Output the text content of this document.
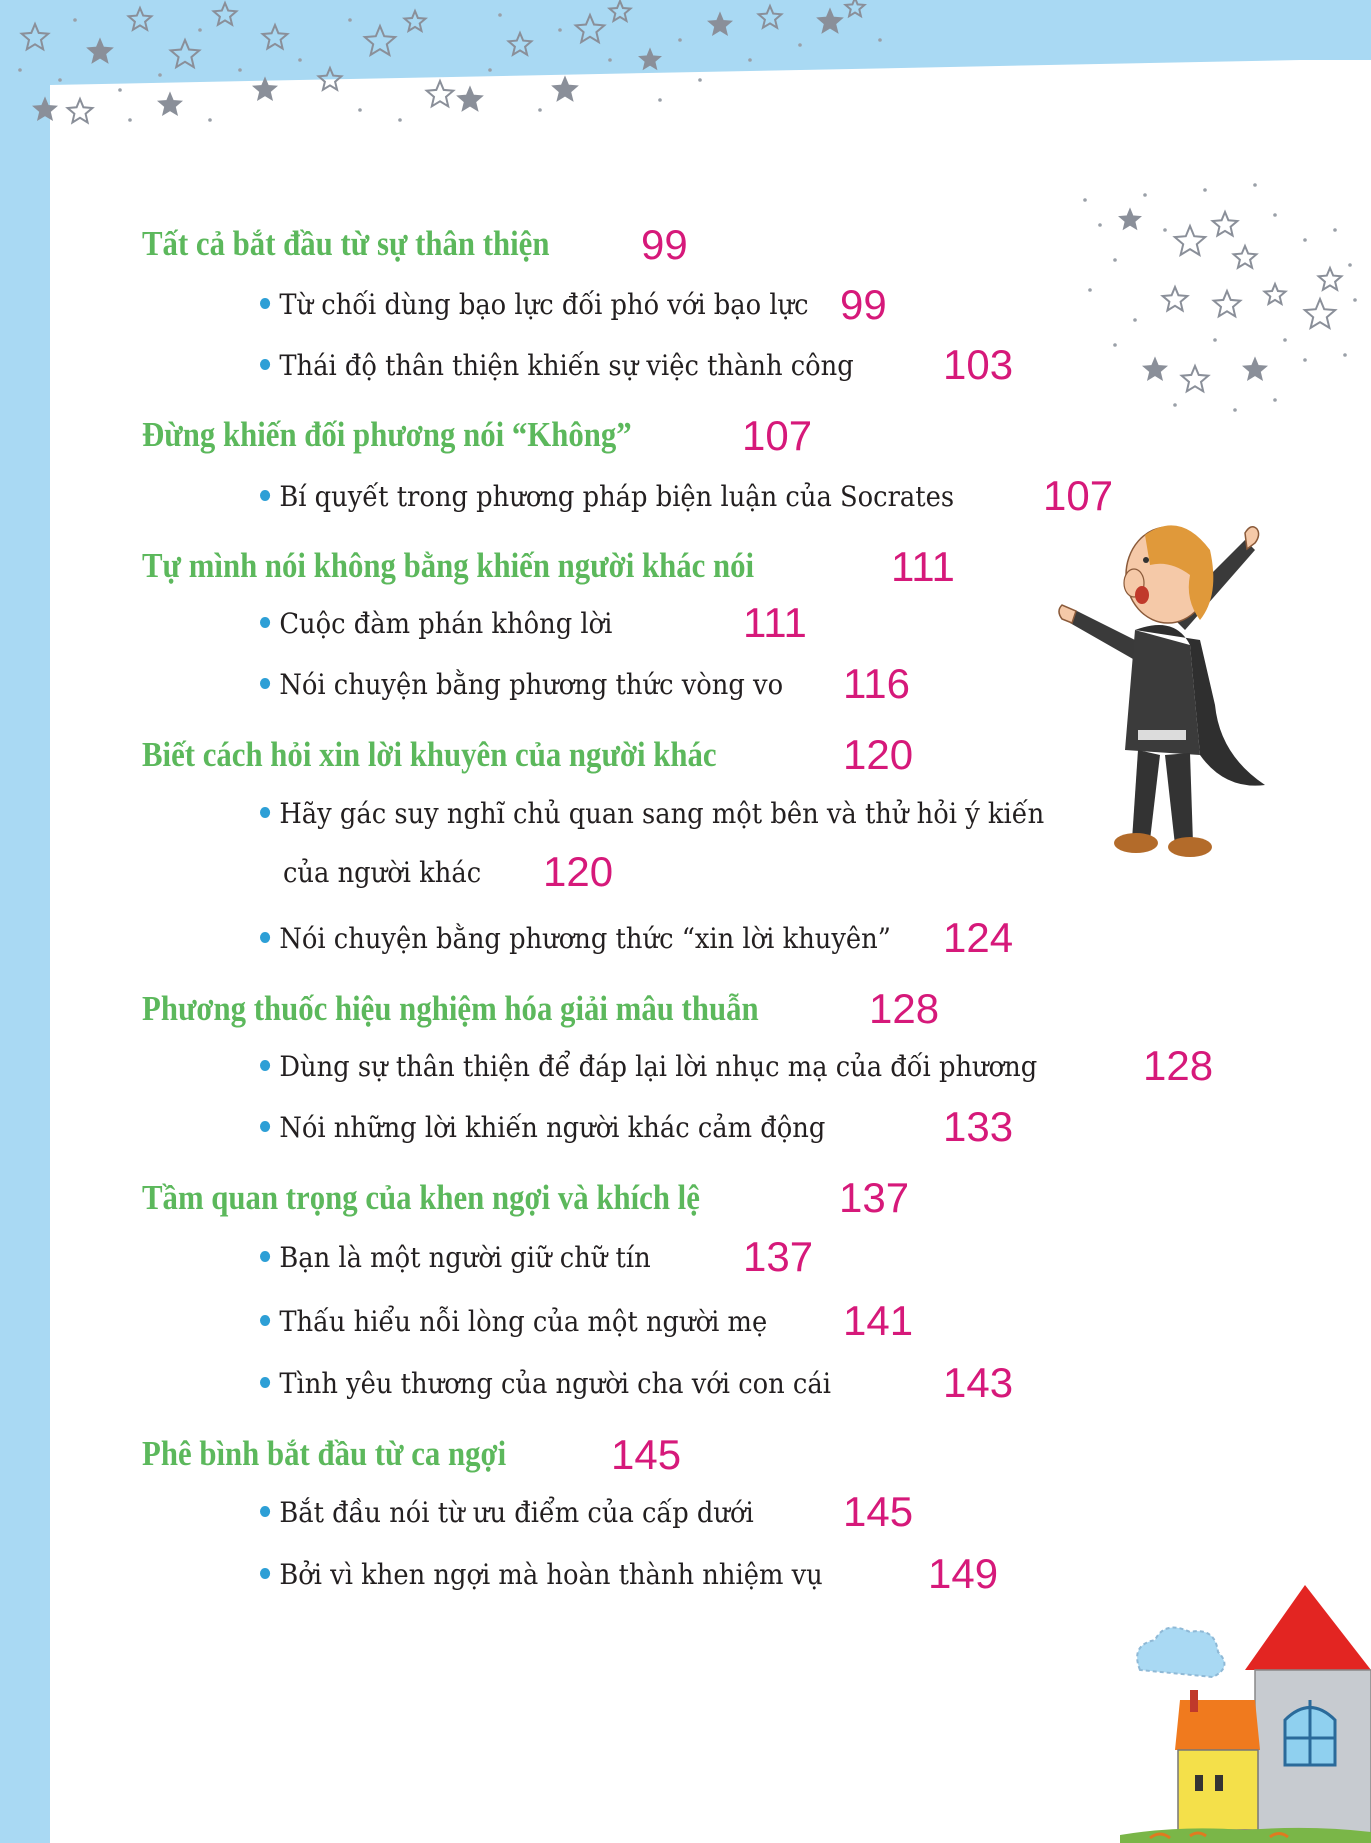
Tất cả bắt đầu từ sự thân thiện 99
Từ chối dùng bạo lực đối phó với bạo lực 99
Thái độ thân thiện khiến sự việc thành công 103
Đừng khiến đối phương nói “Không”	107
Bí quyết trong phương pháp biện luận của Socrates 107
Tự mình nói không bằng khiến người khác nói	111
Cuộc đàm phán không lời	111
Nói chuyện bằng phương thức vòng vo 116
Biết cách hỏi xin lời khuyên của người khác	120
Hãy gác suy nghĩ chủ quan sang một bên và thử hỏi ý kiến
của người khác 120
Nói chuyện bằng phương thức “xin lời khuyên” 124
Phương thuốc hiệu nghiệm hóa giải mâu thuẫn	128
Dùng sự thân thiện để đáp lại lời nhục mạ của đối phương	128
Nói những lời khiến người khác cảm động	133
Tầm quan trọng của khen ngợi và khích lệ	137
Bạn là một người giữ chữ tín 137
Thấu hiểu nỗi lòng của một người mẹ 141
Tình yêu thương của người cha với con cái	143
Phê bình bắt đầu từ ca ngợi 145
Bắt đầu nói từ ưu điểm của cấp dưới 145
Bởi vì khen ngợi mà hoàn thành nhiệm vụ	149
